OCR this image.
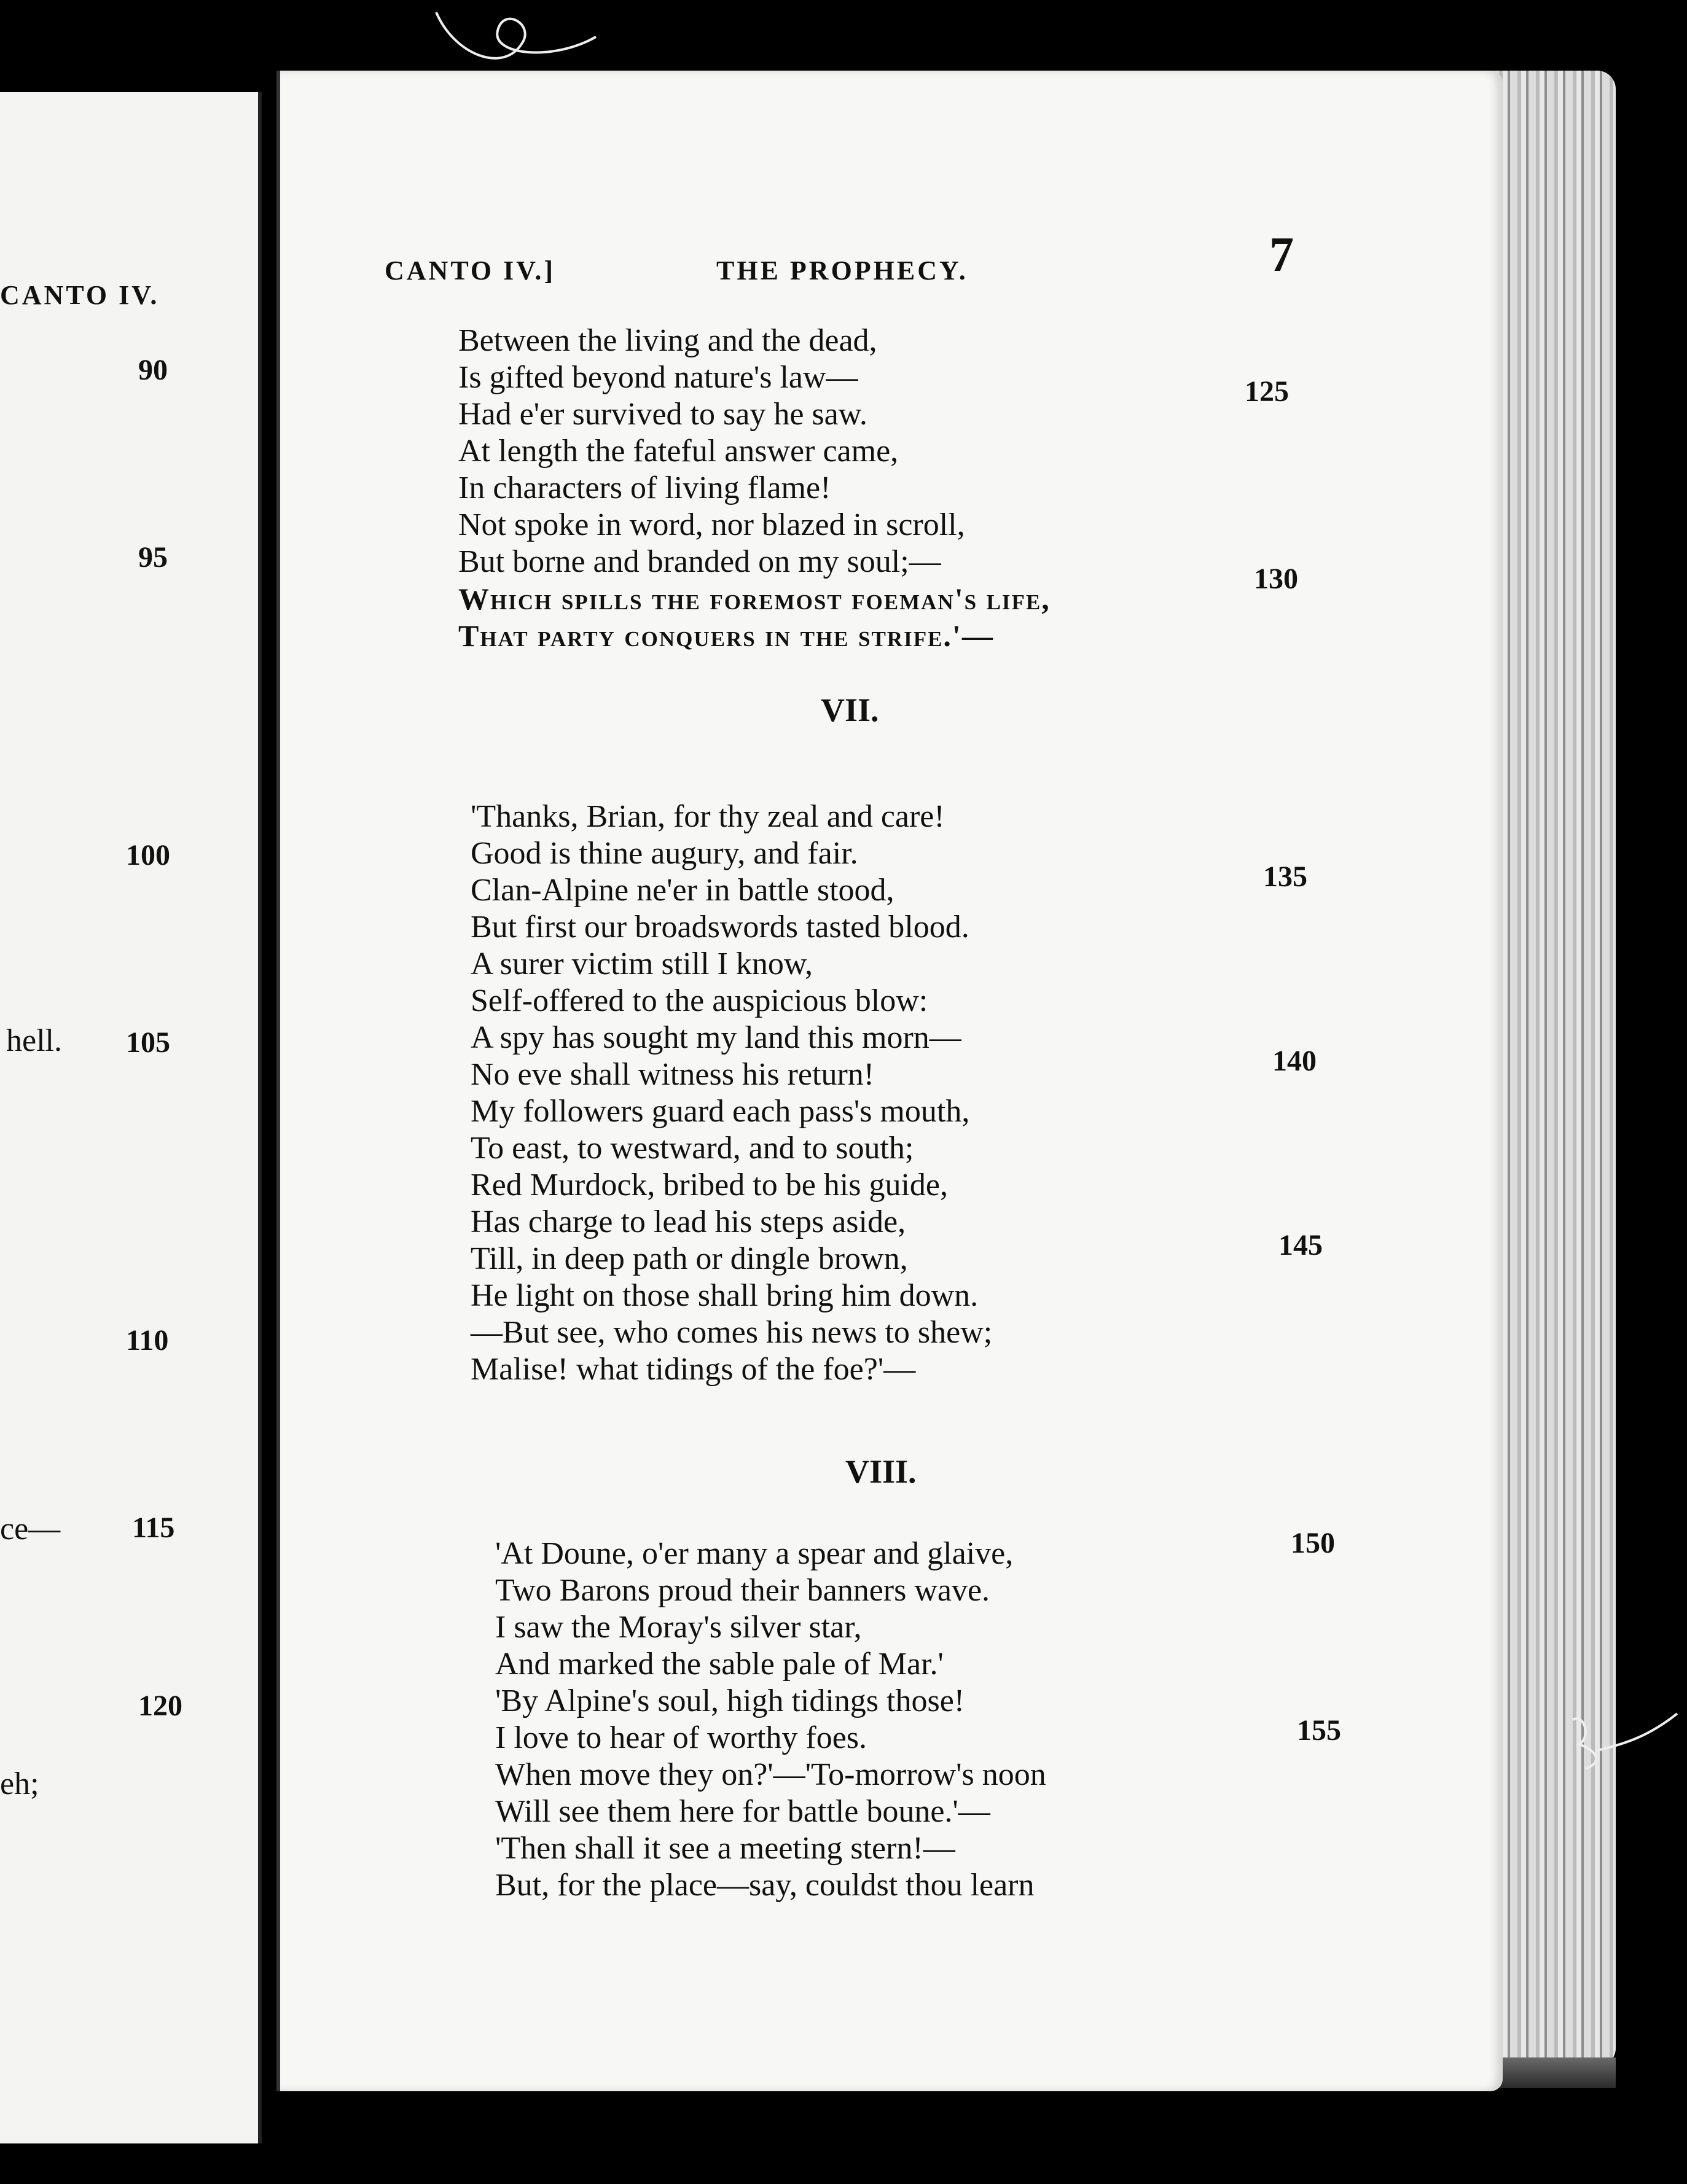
CANTO IV.
90
95
100
105
110
115
120
hell.
ce—
eh;
CANTO IV.]	THE PROPHECY.	7
Between the living and the dead,
Is gifted beyond nature's law—
Had e'er survived to say he saw.
At length the fateful answer came,
In characters of living flame!
Not spoke in word, nor blazed in scroll,
But borne and branded on my soul;—
Which spills the foremost foeman's life,
That party conquers in the strife.'—
VII.
'Thanks, Brian, for thy zeal and care!
Good is thine augury, and fair.
Clan-Alpine ne'er in battle stood,
But first our broadswords tasted blood.
A surer victim still I know,
Self-offered to the auspicious blow:
A spy has sought my land this morn—
No eve shall witness his return!
My followers guard each pass's mouth,
To east, to westward, and to south;
Red Murdock, bribed to be his guide,
Has charge to lead his steps aside,
Till, in deep path or dingle brown,
He light on those shall bring him down.
—But see, who comes his news to shew;
Malise! what tidings of the foe?'—
VIII.
'At Doune, o'er many a spear and glaive,
Two Barons proud their banners wave.
I saw the Moray's silver star,
And marked the sable pale of Mar.'
'By Alpine's soul, high tidings those!
I love to hear of worthy foes.
When move they on?'—'To-morrow's noon
Will see them here for battle boune.'—
'Then shall it see a meeting stern!—
But, for the place—say, couldst thou learn
125
130
135
140
145
150
155
